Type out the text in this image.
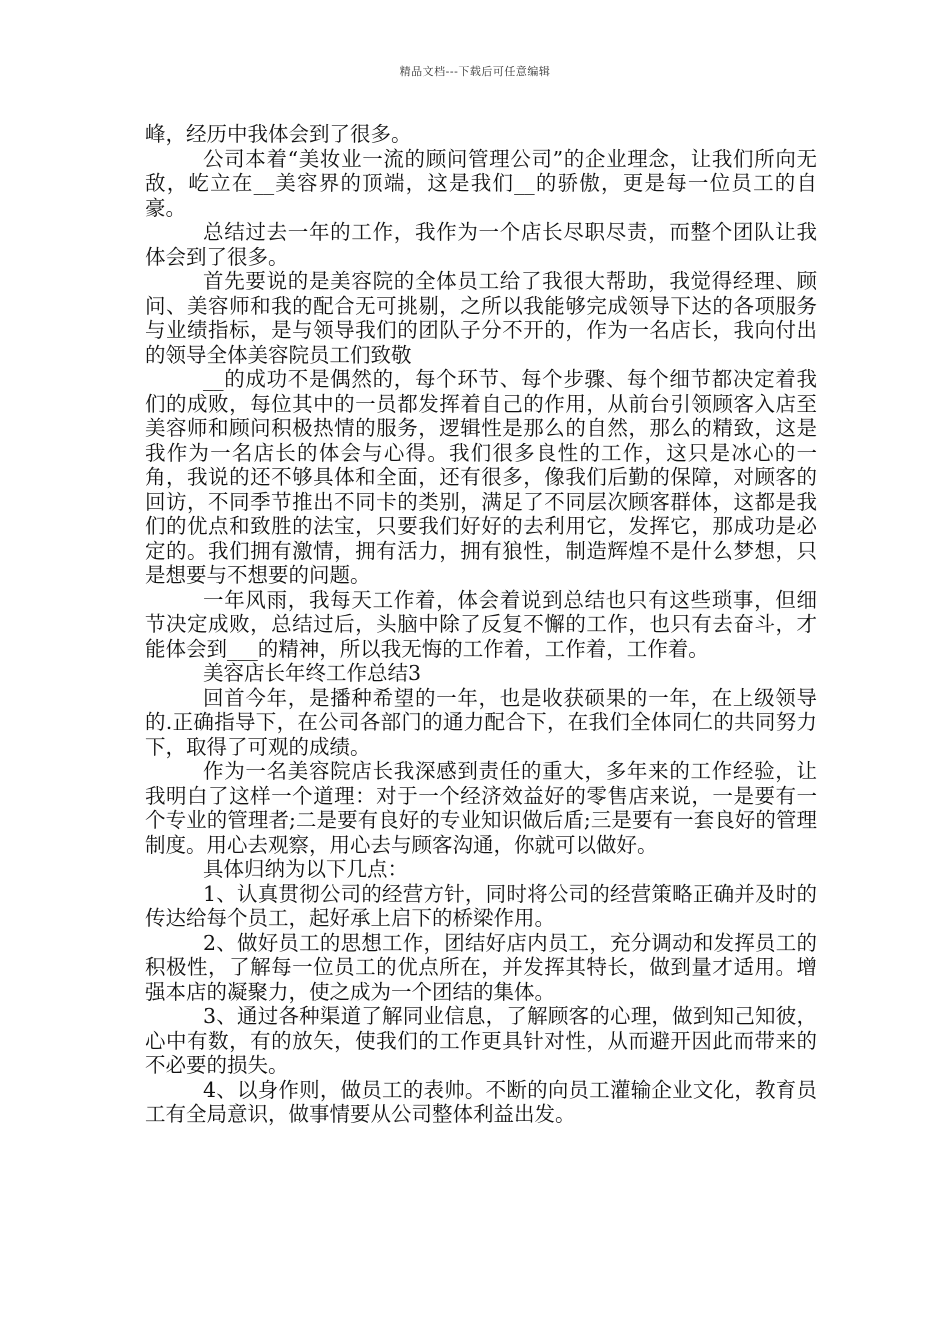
精品文档---下载后可任意编辑

峰，经历中我体会到了很多。

公司本着“美妆业一流的顾问管理公司”的企业理念，让我们所向无敌，屹立在__美容界的顶端，这是我们__的骄傲，更是每一位员工的自豪。

总结过去一年的工作，我作为一个店长尽职尽责，而整个团队让我体会到了很多。

首先要说的是美容院的全体员工给了我很大帮助，我觉得经理、顾问、美容师和我的配合无可挑剔，之所以我能够完成领导下达的各项服务与业绩指标，是与领导我们的团队子分不开的，作为一名店长，我向付出的领导全体美容院员工们致敬

__的成功不是偶然的，每个环节、每个步骤、每个细节都决定着我们的成败，每位其中的一员都发挥着自己的作用，从前台引领顾客入店至美容师和顾问积极热情的服务，逻辑性是那么的自然，那么的精致，这是我作为一名店长的体会与心得。我们很多良性的工作，这只是冰心的一角，我说的还不够具体和全面，还有很多，像我们后勤的保障，对顾客的回访，不同季节推出不同卡的类别，满足了不同层次顾客群体，这都是我们的优点和致胜的法宝，只要我们好好的去利用它，发挥它，那成功是必定的。我们拥有激情，拥有活力，拥有狼性，制造辉煌不是什么梦想，只是想要与不想要的问题。

一年风雨，我每天工作着，体会着说到总结也只有这些琐事，但细节决定成败，总结过后，头脑中除了反复不懈的工作，也只有去奋斗，才能体会到___的精神，所以我无悔的工作着，工作着，工作着。

美容店长年终工作总结3

回首今年，是播种希望的一年，也是收获硕果的一年，在上级领导的.正确指导下，在公司各部门的通力配合下，在我们全体同仁的共同努力下，取得了可观的成绩。

作为一名美容院店长我深感到责任的重大，多年来的工作经验，让我明白了这样一个道理：对于一个经济效益好的零售店来说，一是要有一个专业的管理者;二是要有良好的专业知识做后盾;三是要有一套良好的管理制度。用心去观察，用心去与顾客沟通，你就可以做好。

具体归纳为以下几点：

1、认真贯彻公司的经营方针，同时将公司的经营策略正确并及时的传达给每个员工，起好承上启下的桥梁作用。

2、做好员工的思想工作，团结好店内员工，充分调动和发挥员工的积极性，了解每一位员工的优点所在，并发挥其特长，做到量才适用。增强本店的凝聚力，使之成为一个团结的集体。

3、通过各种渠道了解同业信息，了解顾客的心理，做到知己知彼，心中有数，有的放矢，使我们的工作更具针对性，从而避开因此而带来的不必要的损失。

4、以身作则，做员工的表帅。不断的向员工灌输企业文化，教育员工有全局意识，做事情要从公司整体利益出发。
